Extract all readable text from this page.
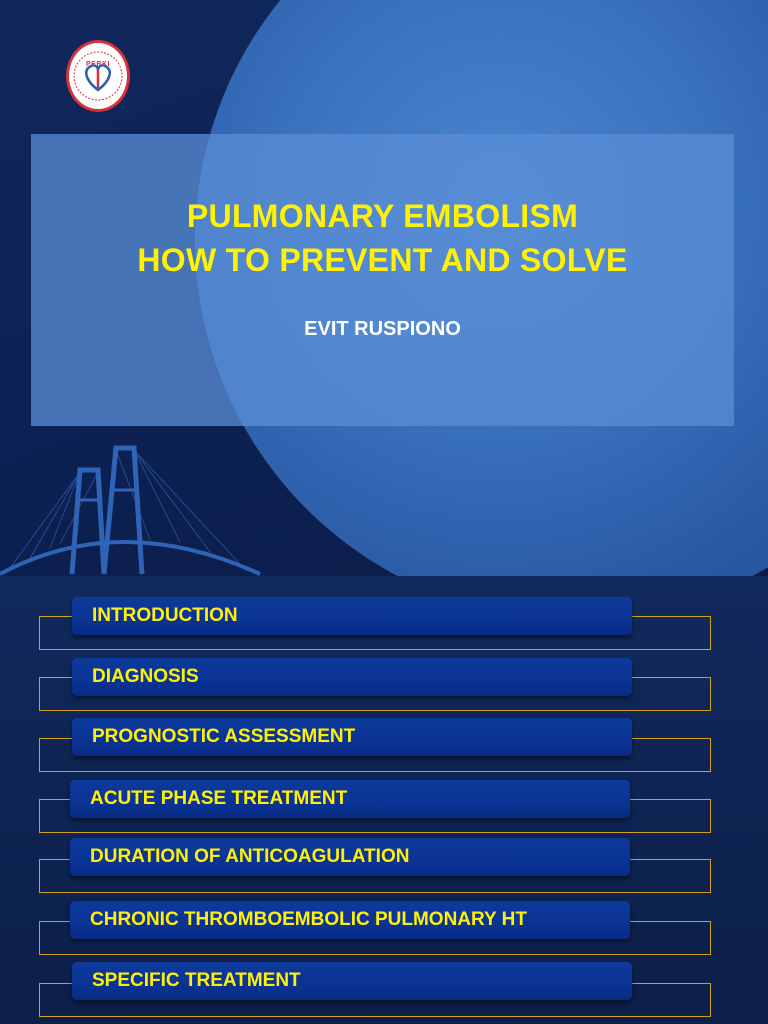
PERKI
PULMONARY EMBOLISM
HOW TO PREVENT AND SOLVE
EVIT RUSPIONO
INTRODUCTION
DIAGNOSIS
PROGNOSTIC ASSESSMENT
ACUTE PHASE TREATMENT
DURATION OF ANTICOAGULATION
CHRONIC THROMBOEMBOLIC PULMONARY HT
SPECIFIC TREATMENT
